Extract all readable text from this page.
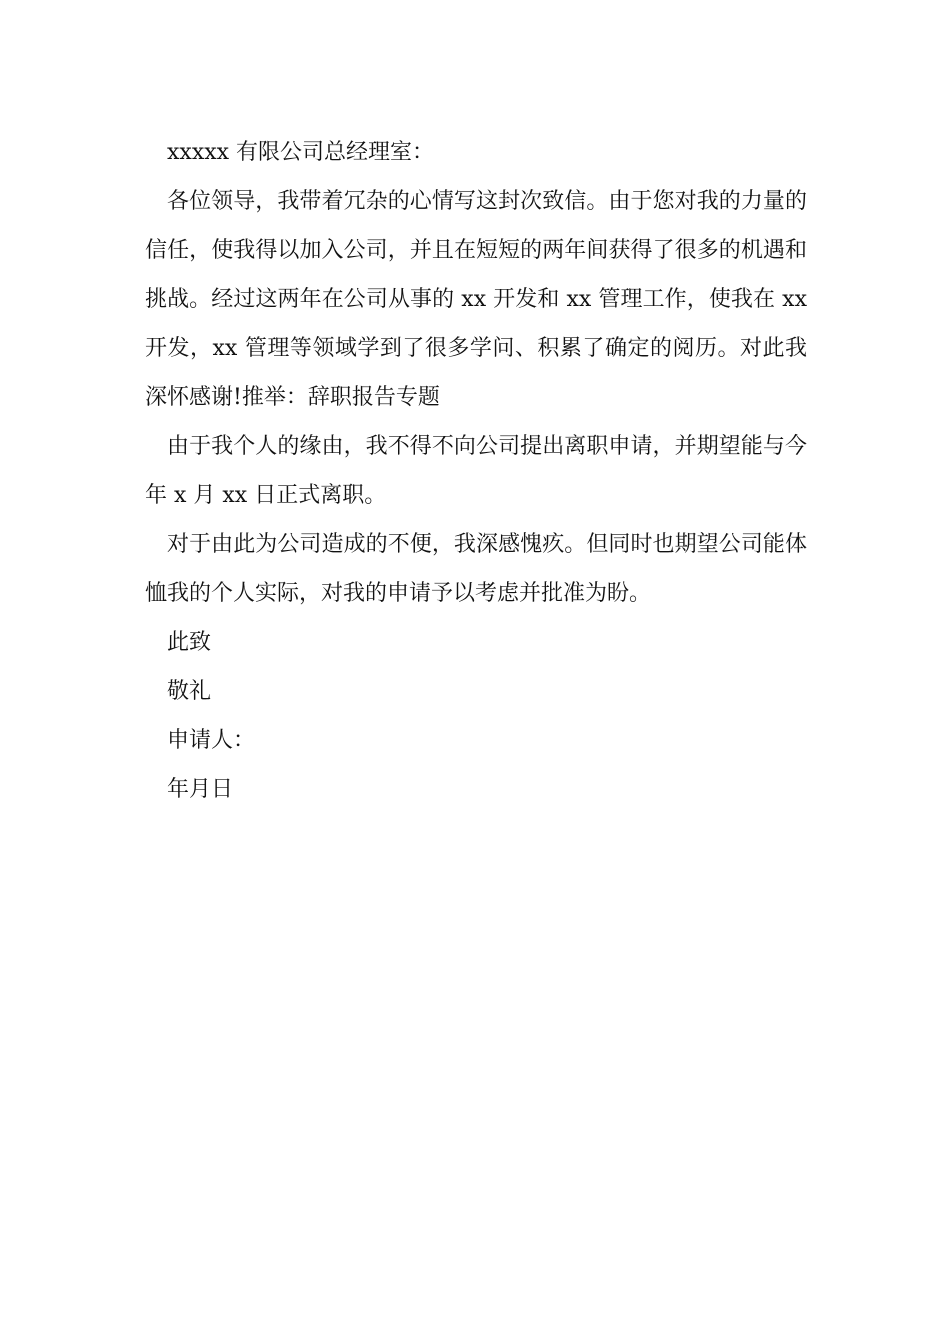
xxxxx 有限公司总经理室：

各位领导，我带着冗杂的心情写这封次致信。由于您对我的力量的信任，使我得以加入公司，并且在短短的两年间获得了很多的机遇和挑战。经过这两年在公司从事的 xx 开发和 xx 管理工作，使我在 xx 开发，xx 管理等领域学到了很多学问、积累了确定的阅历。对此我深怀感谢!推举：辞职报告专题

由于我个人的缘由，我不得不向公司提出离职申请，并期望能与今年 x 月 xx 日正式离职。

对于由此为公司造成的不便，我深感愧疚。但同时也期望公司能体恤我的个人实际，对我的申请予以考虑并批准为盼。

此致

敬礼

申请人：

年月日
